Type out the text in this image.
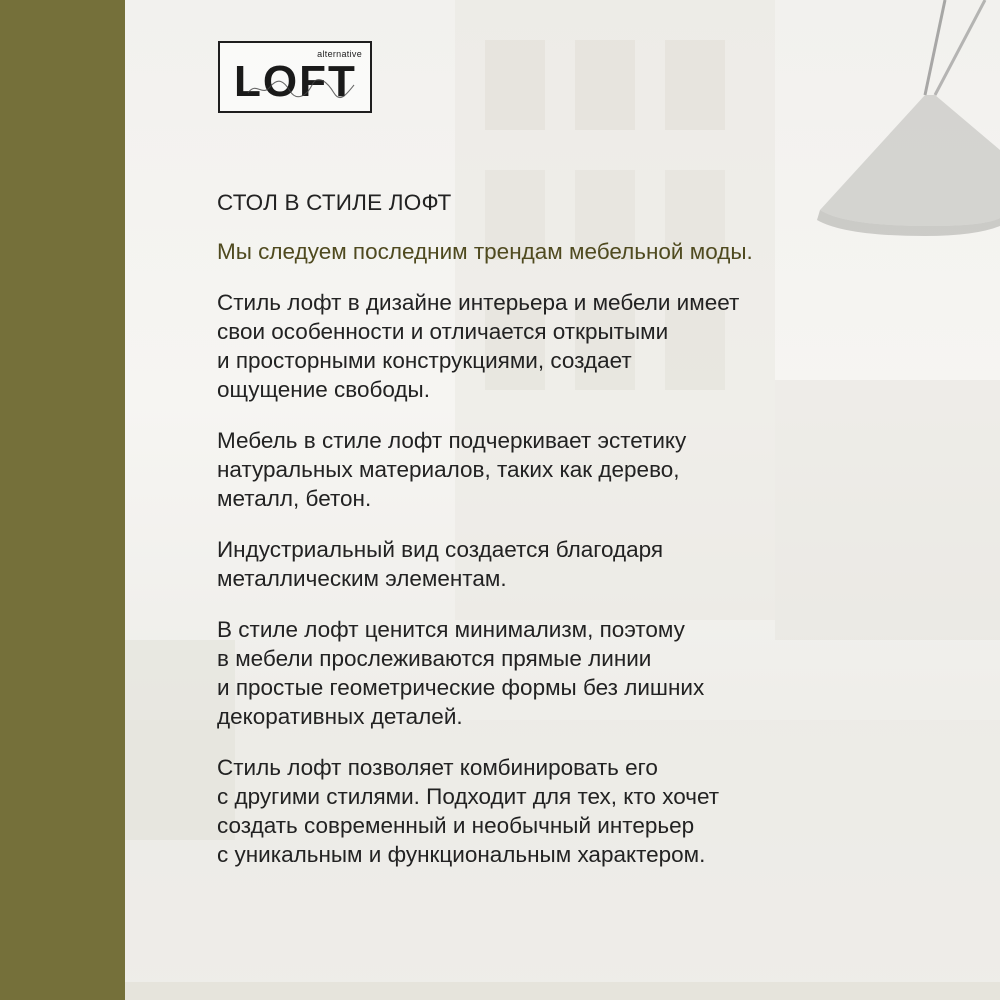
alternative
LOFT
СТОЛ В СТИЛЕ ЛОФТ

Мы следуем последним трендам мебельной моды.

Стиль лофт в дизайне интерьера и мебели имеет
свои особенности и отличается открытыми
и просторными конструкциями, создает
ощущение свободы.

Мебель в стиле лофт подчеркивает эстетику
натуральных материалов, таких как дерево,
металл, бетон.

Индустриальный вид создается благодаря
металлическим элементам.

В стиле лофт ценится минимализм, поэтому
в мебели прослеживаются прямые линии
и простые геометрические формы без лишних
декоративных деталей.

Стиль лофт позволяет комбинировать его
с другими стилями. Подходит для тех, кто хочет
создать современный и необычный интерьер
с уникальным и функциональным характером.
